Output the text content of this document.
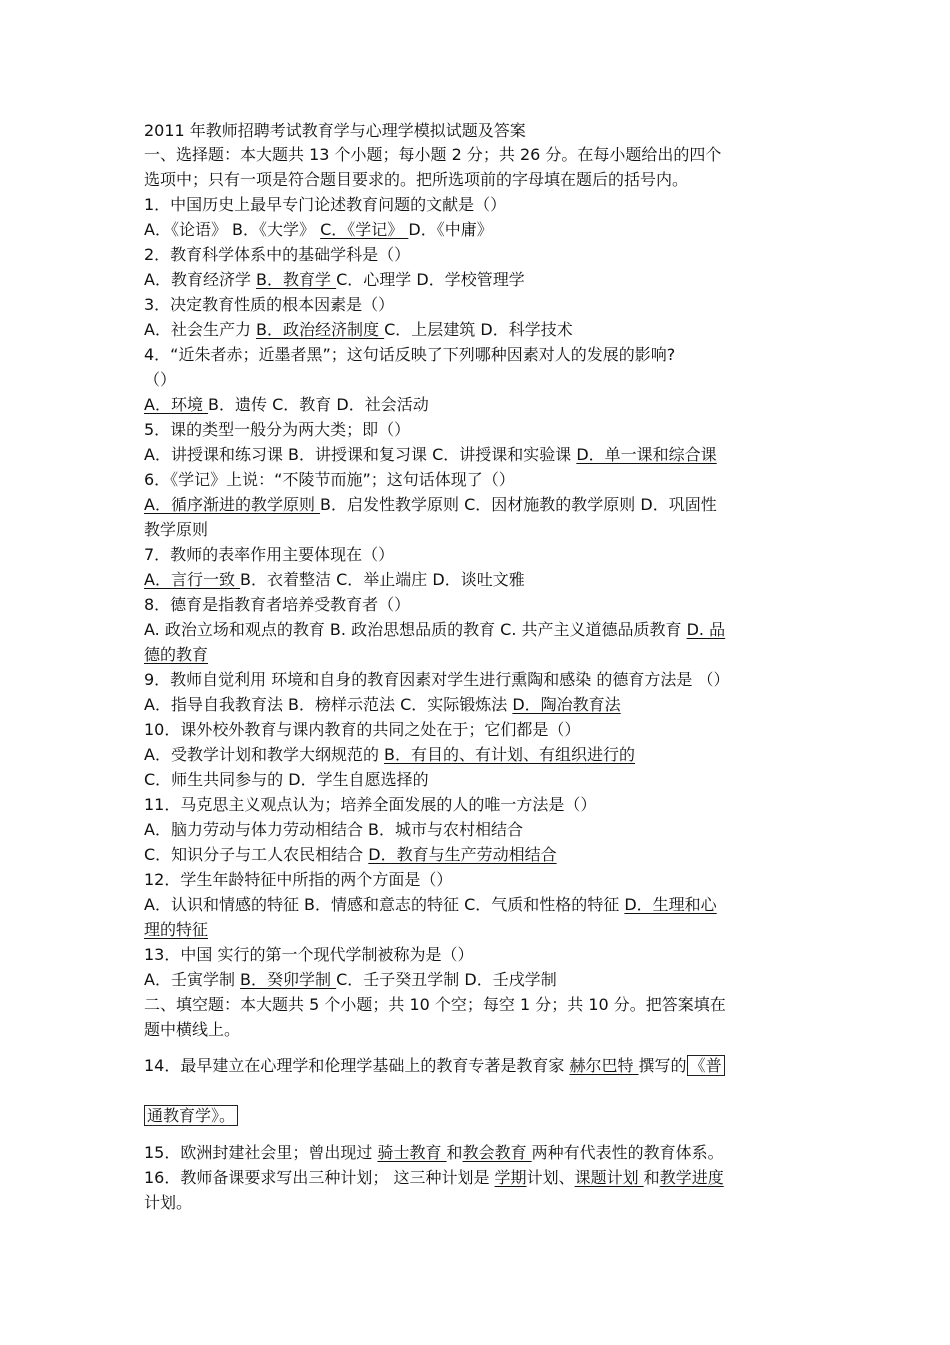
2011 年教师招聘考试教育学与心理学模拟试题及答案
一、选择题：本大题共 13 个小题；每小题 2 分；共 26 分。在每小题给出的四个
选项中；只有一项是符合题目要求的。把所选项前的字母填在题后的括号内。
1．中国历史上最早专门论述教育问题的文献是（）
A．《论语》 B．《大学》 C．《学记》 D．《中庸》
2．教育科学体系中的基础学科是（）
A．教育经济学 B．教育学 C．心理学 D．学校管理学
3．决定教育性质的根本因素是（）
A．社会生产力 B．政治经济制度 C．上层建筑 D．科学技术
4．“近朱者赤；近墨者黑”；这句话反映了下列哪种因素对人的发展的影响?
（）
A．环境 B．遗传 C．教育 D．社会活动
5．课的类型一般分为两大类；即（）
A．讲授课和练习课 B．讲授课和复习课 C．讲授课和实验课 D．单一课和综合课
6．《学记》上说：“不陵节而施”；这句话体现了（）
A．循序渐进的教学原则 B．启发性教学原则 C．因材施教的教学原则 D．巩固性
教学原则
7．教师的表率作用主要体现在（）
A．言行一致 B．衣着整洁 C．举止端庄 D．谈吐文雅
8．德育是指教育者培养受教育者（）
A. 政治立场和观点的教育 B. 政治思想品质的教育 C. 共产主义道德品质教育 D. 品
德的教育
9．教师自觉利用 环境和自身的教育因素对学生进行熏陶和感染 的德育方法是 （）
A．指导自我教育法 B．榜样示范法 C．实际锻炼法 D．陶冶教育法
10．课外校外教育与课内教育的共同之处在于；它们都是（）
A．受教学计划和教学大纲规范的 B．有目的、有计划、有组织进行的
C．师生共同参与的 D．学生自愿选择的
11．马克思主义观点认为；培养全面发展的人的唯一方法是（）
A．脑力劳动与体力劳动相结合 B．城市与农村相结合
C．知识分子与工人农民相结合 D．教育与生产劳动相结合
12．学生年龄特征中所指的两个方面是（）
A．认识和情感的特征 B．情感和意志的特征 C．气质和性格的特征 D．生理和心
理的特征
13．中国 实行的第一个现代学制被称为是（）
A．壬寅学制 B．癸卯学制 C．壬子癸丑学制 D．壬戌学制
二、填空题：本大题共 5 个小题；共 10 个空；每空 1 分；共 10 分。把答案填在
题中横线上。
14．最早建立在心理学和伦理学基础上的教育专著是教育家 赫尔巴特 撰写的 《普
通教育学》。
15．欧洲封建社会里；曾出现过 骑士教育 和教会教育 两种有代表性的教育体系。
16．教师备课要求写出三种计划； 这三种计划是 学期计划、课题计划 和教学进度
计划。
